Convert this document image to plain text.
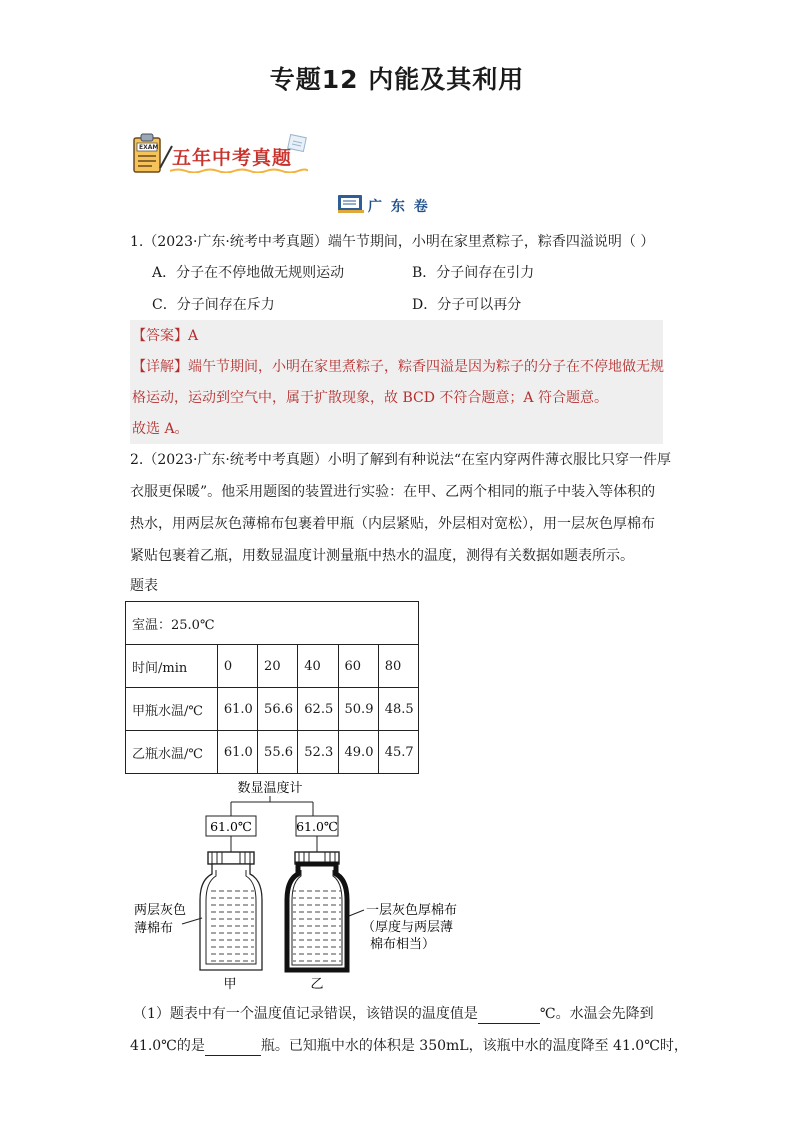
专题12 内能及其利用
EXAM 五年中考真题
广 东 卷
1.（2023·广东·统考中考真题）端午节期间，小明在家里煮粽子，粽香四溢说明（ ）
A．分子在不停地做无规则运动	B．分子间存在引力
C．分子间存在斥力	D．分子可以再分
【答案】A
【详解】端午节期间，小明在家里煮粽子，粽香四溢是因为粽子的分子在不停地做无规
格运动，运动到空气中，属于扩散现象，故 BCD 不符合题意；A 符合题意。
故选 A。
2.（2023·广东·统考中考真题）小明了解到有种说法“在室内穿两件薄衣服比只穿一件厚
衣服更保暖”。他采用题图的装置进行实验：在甲、乙两个相同的瓶子中装入等体积的
热水，用两层灰色薄棉布包裹着甲瓶（内层紧贴，外层相对宽松），用一层灰色厚棉布
紧贴包裹着乙瓶，用数显温度计测量瓶中热水的温度，测得有关数据如题表所示。
题表
室温：25.0℃					
时间/min	0	20	40	60	80
甲瓶水温/℃	61.0	56.6	62.5	50.9	48.5
乙瓶水温/℃	61.0	55.6	52.3	49.0	45.7
数显温度计
61.0℃	61.0℃
两层灰色
薄棉布
一层灰色厚棉布
（厚度与两层薄
棉布相当）
甲	乙
（1）题表中有一个温度值记录错误，该错误的温度值是	℃。水温会先降到
41.0℃的是	瓶。已知瓶中水的体积是 350mL，该瓶中水的温度降至 41.0℃时，
